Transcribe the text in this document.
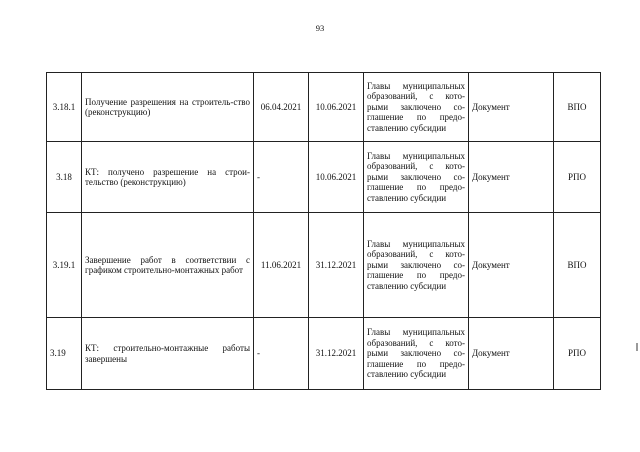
93
3.18.1	Получение разрешения на строитель-ство (реконструкцию)	06.04.2021	10.06.2021	Главы муниципальных
образований, с кото-
рыми заключено со-
глашение по предо-
ставлению субсидии	Документ	ВПО
3.18	КТ: получено разрешение на строи-тельство (реконструкцию)	-	10.06.2021	Главы муниципальных
образований, с кото-
рыми заключено со-
глашение по предо-
ставлению субсидии	Документ	РПО
3.19.1	Завершение работ в соответствии с графиком строительно-монтажных работ	11.06.2021	31.12.2021	Главы муниципальных
образований, с кото-
рыми заключено со-
глашение по предо-
ставлению субсидии	Документ	ВПО
3.19	КТ: строительно-монтажные работы завершены	-	31.12.2021	Главы муниципальных
образований, с кото-
рыми заключено со-
глашение по предо-
ставлению субсидии	Документ	РПО
